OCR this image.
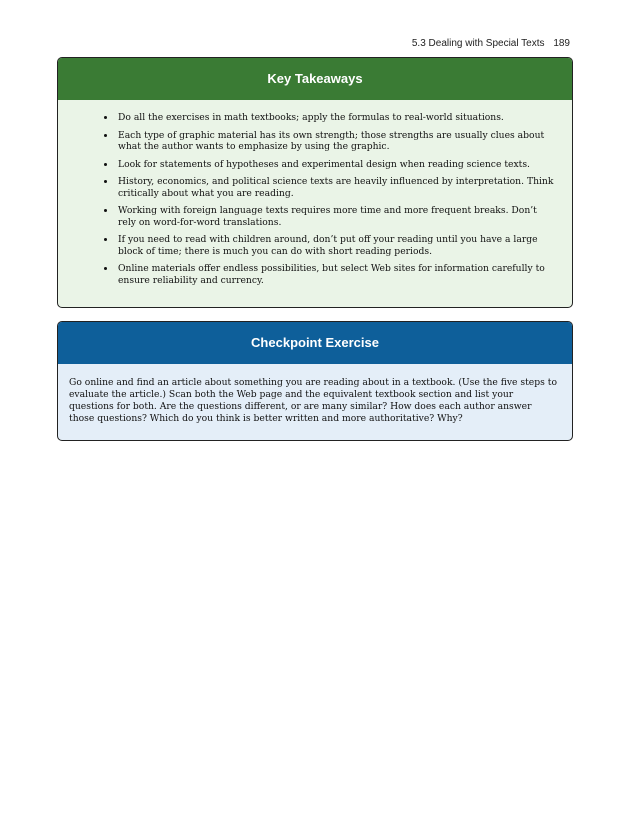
5.3 Dealing with Special Texts 189
Key Takeaways
• Do all the exercises in math textbooks; apply the formulas to real-world situations.
• Each type of graphic material has its own strength; those strengths are usually clues about what the author wants to emphasize by using the graphic.
• Look for statements of hypotheses and experimental design when reading science texts.
• History, economics, and political science texts are heavily influenced by interpretation. Think critically about what you are reading.
• Working with foreign language texts requires more time and more frequent breaks. Don’t rely on word-for-word translations.
• If you need to read with children around, don’t put off your reading until you have a large block of time; there is much you can do with short reading periods.
• Online materials offer endless possibilities, but select Web sites for information carefully to ensure reliability and currency.
Checkpoint Exercise

Go online and find an article about something you are reading about in a textbook. (Use the five steps to evaluate the article.) Scan both the Web page and the equivalent textbook section and list your questions for both. Are the questions different, or are many similar? How does each author answer those questions? Which do you think is better written and more authoritative? Why?
